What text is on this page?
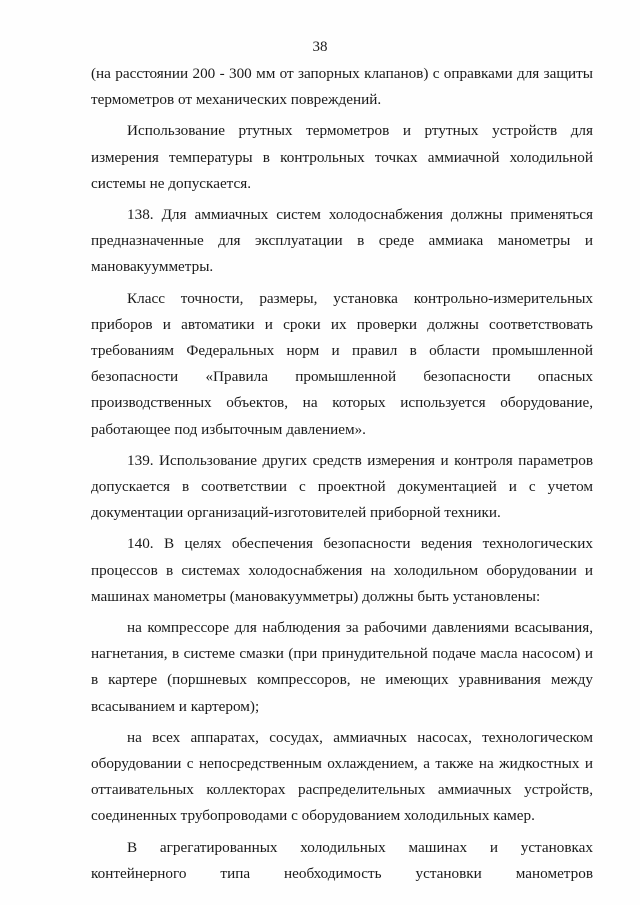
38

(на расстоянии 200 - 300 мм от запорных клапанов) с оправками для защиты термометров от механических повреждений.

Использование ртутных термометров и ртутных устройств для измерения температуры в контрольных точках аммиачной холодильной системы не допускается.

138. Для аммиачных систем холодоснабжения должны применяться предназначенные для эксплуатации в среде аммиака манометры и мановакуумметры.

Класс точности, размеры, установка контрольно-измерительных приборов и автоматики и сроки их проверки должны соответствовать требованиям Федеральных норм и правил в области промышленной безопасности «Правила промышленной безопасности опасных производственных объектов, на которых используется оборудование, работающее под избыточным давлением».

139. Использование других средств измерения и контроля параметров допускается в соответствии с проектной документацией и с учетом документации организаций-изготовителей приборной техники.

140. В целях обеспечения безопасности ведения технологических процессов в системах холодоснабжения на холодильном оборудовании и машинах манометры (мановакуумметры) должны быть установлены:

на компрессоре для наблюдения за рабочими давлениями всасывания, нагнетания, в системе смазки (при принудительной подаче масла насосом) и в картере (поршневых компрессоров, не имеющих уравнивания между всасыванием и картером);

на всех аппаратах, сосудах, аммиачных насосах, технологическом оборудовании с непосредственным охлаждением, а также на жидкостных и оттаивательных коллекторах распределительных аммиачных устройств, соединенных трубопроводами с оборудованием холодильных камер.

В агрегатированных холодильных машинах и установках контейнерного типа необходимость установки манометров
